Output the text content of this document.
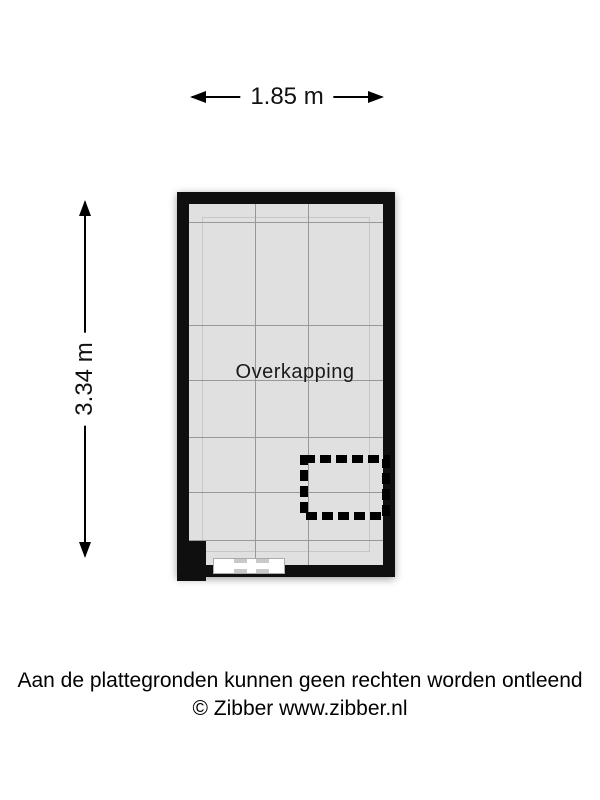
1.85 m
3.34 m	Overkapping
Aan de plattegronden kunnen geen rechten worden ontleend
© Zibber www.zibber.nl
